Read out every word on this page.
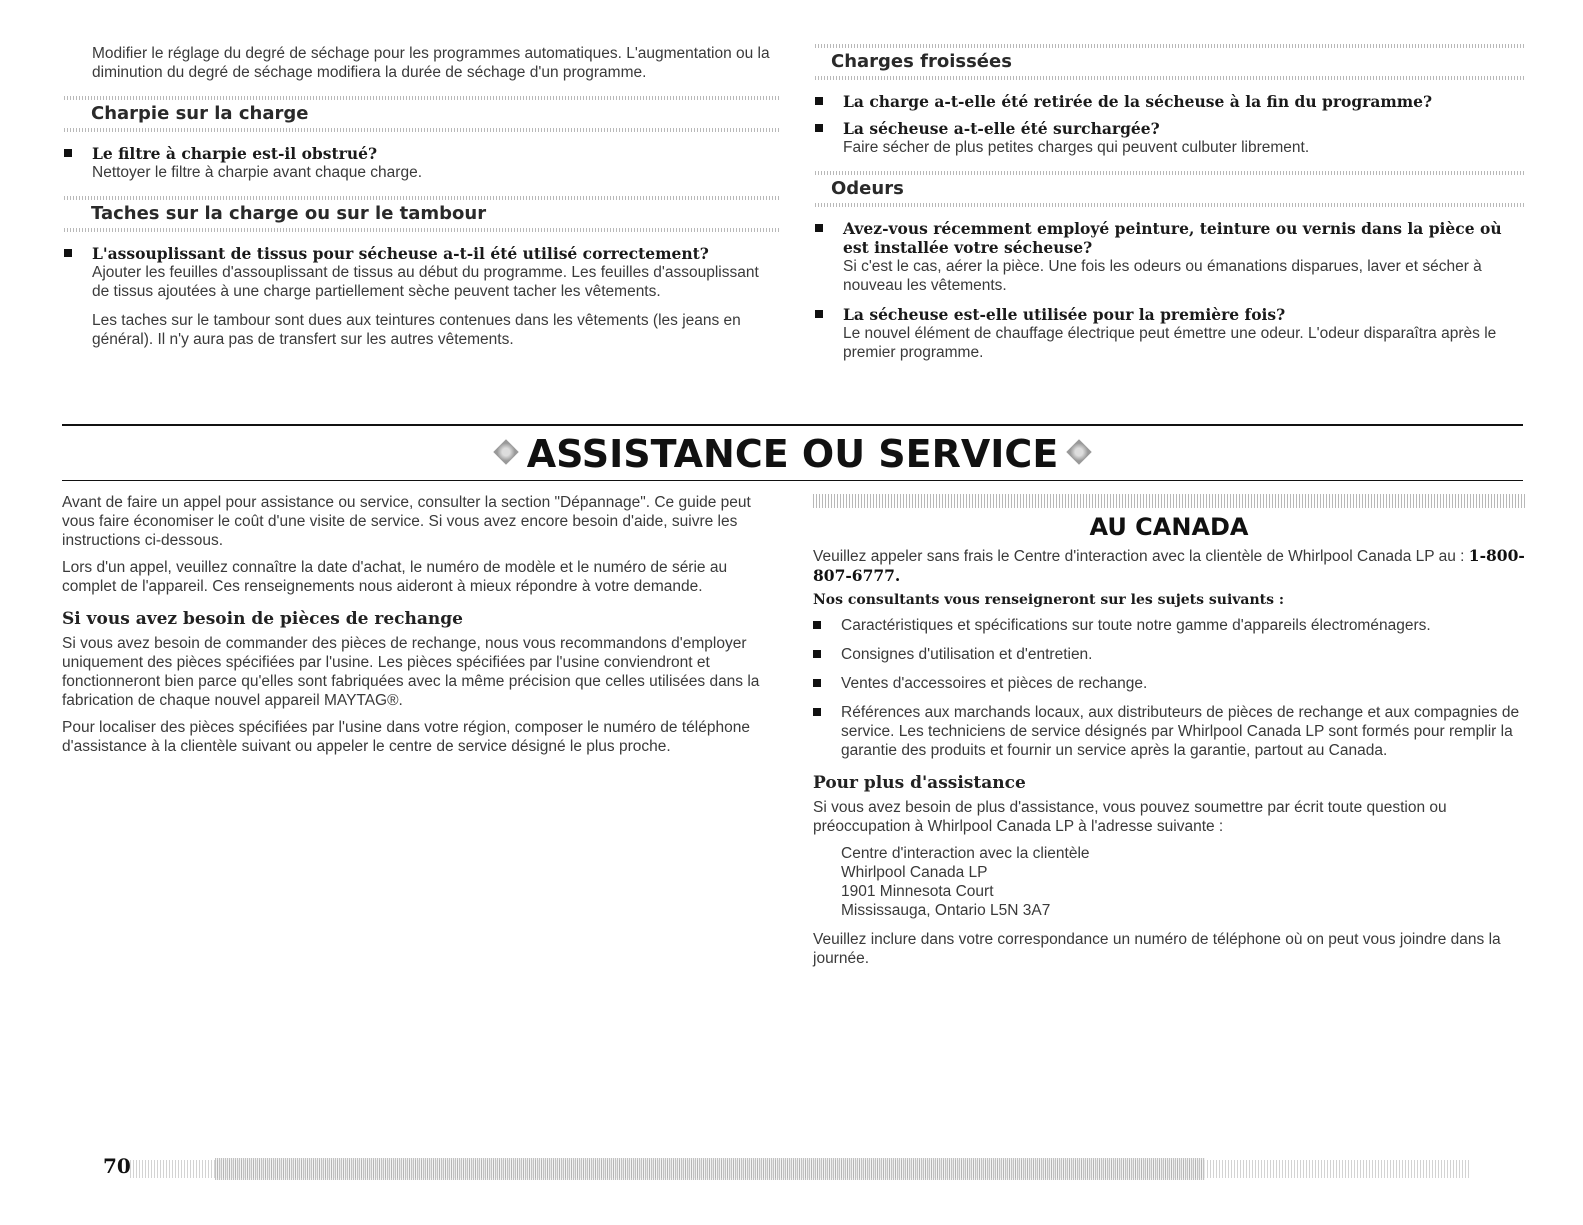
Modifier le réglage du degré de séchage pour les programmes automatiques. L'augmentation ou la diminution du degré de séchage modifiera la durée de séchage d'un programme.

Charpie sur la charge

Le filtre à charpie est-il obstrué?

Nettoyer le filtre à charpie avant chaque charge.

Taches sur la charge ou sur le tambour

L'assouplissant de tissus pour sécheuse a-t-il été utilisé correctement?

Ajouter les feuilles d'assouplissant de tissus au début du programme. Les feuilles d'assouplissant de tissus ajoutées à une charge partiellement sèche peuvent tacher les vêtements.

Les taches sur le tambour sont dues aux teintures contenues dans les vêtements (les jeans en général). Il n'y aura pas de transfert sur les autres vêtements.

Charges froissées

La charge a-t-elle été retirée de la sécheuse à la fin du programme?

La sécheuse a-t-elle été surchargée?

Faire sécher de plus petites charges qui peuvent culbuter librement.

Odeurs

Avez-vous récemment employé peinture, teinture ou vernis dans la pièce où est installée votre sécheuse?

Si c'est le cas, aérer la pièce. Une fois les odeurs ou émanations disparues, laver et sécher à nouveau les vêtements.

La sécheuse est-elle utilisée pour la première fois?

Le nouvel élément de chauffage électrique peut émettre une odeur. L'odeur disparaîtra après le premier programme.

ASSISTANCE OU SERVICE

Avant de faire un appel pour assistance ou service, consulter la section "Dépannage". Ce guide peut vous faire économiser le coût d'une visite de service. Si vous avez encore besoin d'aide, suivre les instructions ci-dessous.

Lors d'un appel, veuillez connaître la date d'achat, le numéro de modèle et le numéro de série au complet de l'appareil. Ces renseignements nous aideront à mieux répondre à votre demande.

Si vous avez besoin de pièces de rechange

Si vous avez besoin de commander des pièces de rechange, nous vous recommandons d'employer uniquement des pièces spécifiées par l'usine. Les pièces spécifiées par l'usine conviendront et fonctionneront bien parce qu'elles sont fabriquées avec la même précision que celles utilisées dans la fabrication de chaque nouvel appareil MAYTAG®.

Pour localiser des pièces spécifiées par l'usine dans votre région, composer le numéro de téléphone d'assistance à la clientèle suivant ou appeler le centre de service désigné le plus proche.

AU CANADA

Veuillez appeler sans frais le Centre d'interaction avec la clientèle de Whirlpool Canada LP au : 1-800-807-6777.

Nos consultants vous renseigneront sur les sujets suivants :

Caractéristiques et spécifications sur toute notre gamme d'appareils électroménagers.
Consignes d'utilisation et d'entretien.
Ventes d'accessoires et pièces de rechange.
Références aux marchands locaux, aux distributeurs de pièces de rechange et aux compagnies de service. Les techniciens de service désignés par Whirlpool Canada LP sont formés pour remplir la garantie des produits et fournir un service après la garantie, partout au Canada.
Pour plus d'assistance

Si vous avez besoin de plus d'assistance, vous pouvez soumettre par écrit toute question ou préoccupation à Whirlpool Canada LP à l'adresse suivante :

Centre d'interaction avec la clientèle

Whirlpool Canada LP

1901 Minnesota Court

Mississauga, Ontario L5N 3A7

Veuillez inclure dans votre correspondance un numéro de téléphone où on peut vous joindre dans la journée.

70
